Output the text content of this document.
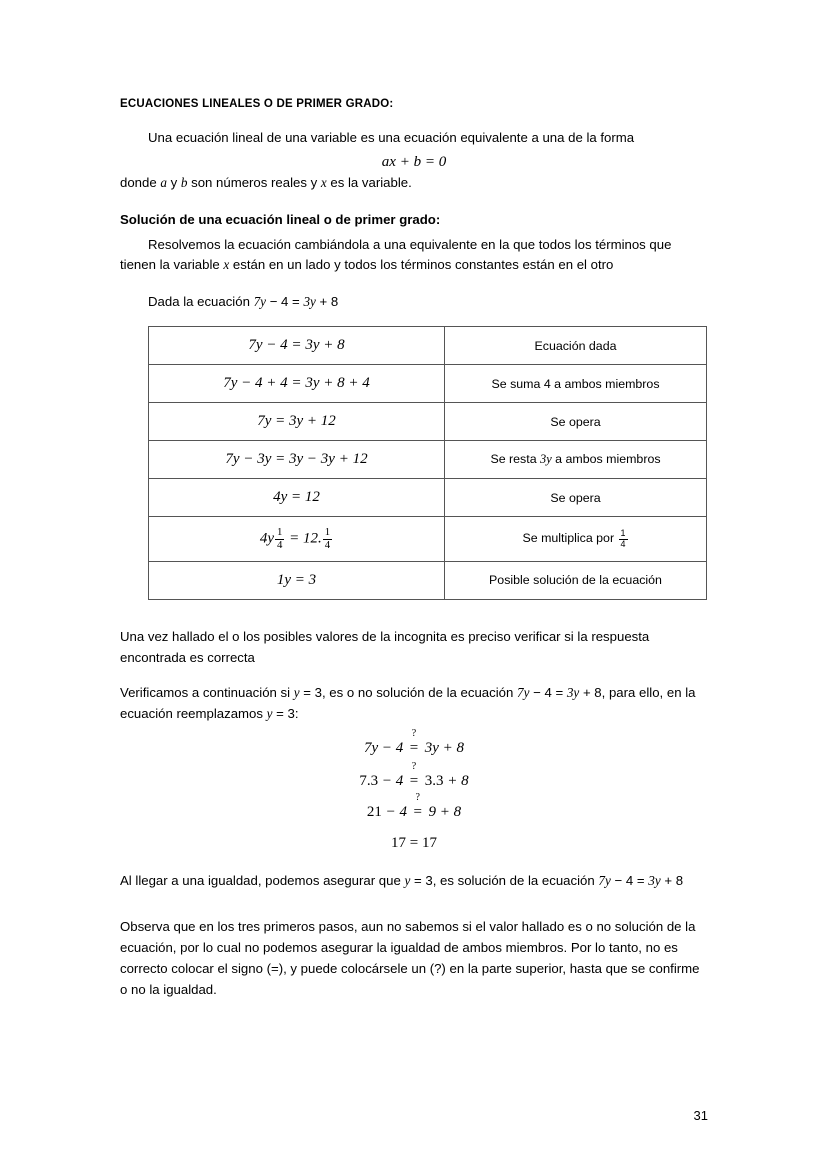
ECUACIONES LINEALES O DE PRIMER GRADO:
Una ecuación lineal de una variable es una ecuación equivalente a una de la forma
ax + b = 0
donde a y b son números reales y x es la variable.
Solución de una ecuación lineal o de primer grado:
Resolvemos la ecuación cambiándola a una equivalente en la que todos los términos que tienen la variable x están en un lado y todos los términos constantes están en el otro
Dada la ecuación 7y − 4 = 3y + 8
7y − 4 = 3y + 8	Ecuación dada
7y − 4 + 4 = 3y + 8 + 4	Se suma 4 a ambos miembros
7y = 3y + 12	Se opera
7y − 3y = 3y − 3y + 12	Se resta 3y a ambos miembros
4y = 12	Se opera
$4y \frac{1}{4} = 12$. $\frac{1}{4}$	Se multiplica por $\frac{1}{4}$

1y = 3	Posible solución de la ecuación
Una vez hallado el o los posibles valores de la incognita es preciso verificar si la respuesta encontrada es correcta
Verificamos a continuación si y = 3, es o no solución de la ecuación 7y − 4 = 3y + 8, para ello, en la ecuación reemplazamos y = 3:
7y − 4
?
= 3y + 8
7.3 − 4
?
= 3.3 + 8
21 − 4
?
= 9 + 8
17 = 17
Al llegar a una igualdad, podemos asegurar que y = 3, es solución de la ecuación 7y − 4 = 3y + 8
Observa que en los tres primeros pasos, aun no sabemos si el valor hallado es o no solución de la ecuación, por lo cual no podemos asegurar la igualdad de ambos miembros. Por lo tanto, no es correcto colocar el signo (=), y puede colocársele un (?) en la parte superior, hasta que se confirme o no la igualdad.
31
